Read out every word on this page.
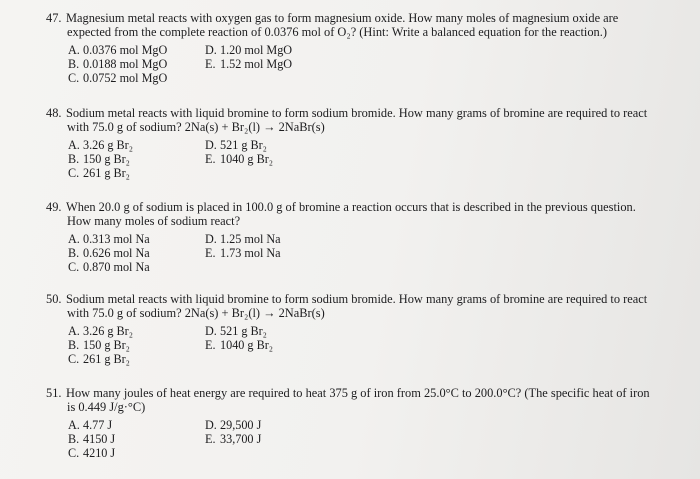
47. Magnesium metal reacts with oxygen gas to form magnesium oxide. How many moles of magnesium oxide are
expected from the complete reaction of 0.0376 mol of O₂? (Hint: Write a balanced equation for the reaction.)
A. 0.0376 mol MgO
B. 0.0188 mol MgO
C. 0.0752 mol MgO
D. 1.20 mol MgO
E. 1.52 mol MgO
48. Sodium metal reacts with liquid bromine to form sodium bromide. How many grams of bromine are required to react
with 75.0 g of sodium? 2Na(s) + Br₂(l) → 2NaBr(s)
A. 3.26 g Br₂
B. 150 g Br₂
C. 261 g Br₂
D. 521 g Br₂
E. 1040 g Br₂
49. When 20.0 g of sodium is placed in 100.0 g of bromine a reaction occurs that is described in the previous question.
How many moles of sodium react?
A. 0.313 mol Na
B. 0.626 mol Na
C. 0.870 mol Na
D. 1.25 mol Na
E. 1.73 mol Na
50. Sodium metal reacts with liquid bromine to form sodium bromide. How many grams of bromine are required to react
with 75.0 g of sodium? 2Na(s) + Br₂(l) → 2NaBr(s)
A. 3.26 g Br₂
B. 150 g Br₂
C. 261 g Br₂
D. 521 g Br₂
E. 1040 g Br₂
51. How many joules of heat energy are required to heat 375 g of iron from 25.0°C to 200.0°C? (The specific heat of iron
is 0.449 J/g·°C)
A. 4.77 J
B. 4150 J
C. 4210 J
D. 29,500 J
E. 33,700 J
